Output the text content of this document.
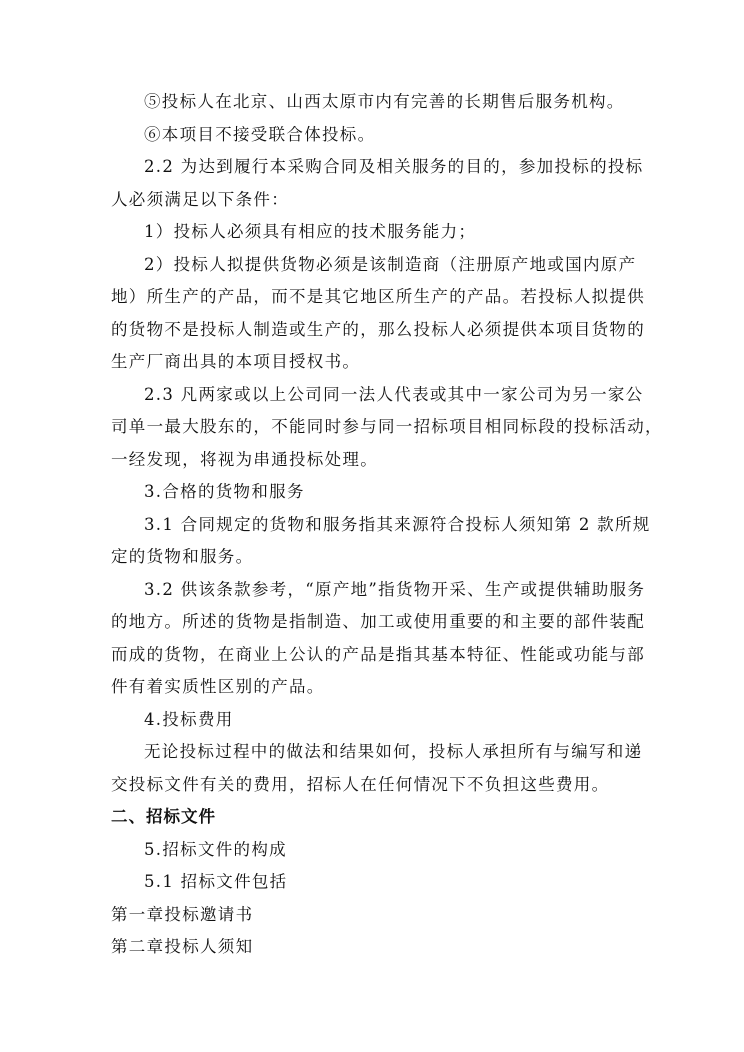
⑤投标人在北京、山西太原市内有完善的长期售后服务机构。
⑥本项目不接受联合体投标。
2.2 为达到履行本采购合同及相关服务的目的，参加投标的投标
人必须满足以下条件：
1）投标人必须具有相应的技术服务能力；
2）投标人拟提供货物必须是该制造商（注册原产地或国内原产
地）所生产的产品，而不是其它地区所生产的产品。若投标人拟提供
的货物不是投标人制造或生产的，那么投标人必须提供本项目货物的
生产厂商出具的本项目授权书。
2.3 凡两家或以上公司同一法人代表或其中一家公司为另一家公
司单一最大股东的，不能同时参与同一招标项目相同标段的投标活动，
一经发现，将视为串通投标处理。
3.合格的货物和服务
3.1 合同规定的货物和服务指其来源符合投标人须知第 2 款所规
定的货物和服务。
3.2 供该条款参考，“原产地”指货物开采、生产或提供辅助服务
的地方。所述的货物是指制造、加工或使用重要的和主要的部件装配
而成的货物，在商业上公认的产品是指其基本特征、性能或功能与部
件有着实质性区别的产品。
4.投标费用
无论投标过程中的做法和结果如何，投标人承担所有与编写和递
交投标文件有关的费用，招标人在任何情况下不负担这些费用。
二、招标文件
5.招标文件的构成
5.1 招标文件包括
第一章投标邀请书
第二章投标人须知
